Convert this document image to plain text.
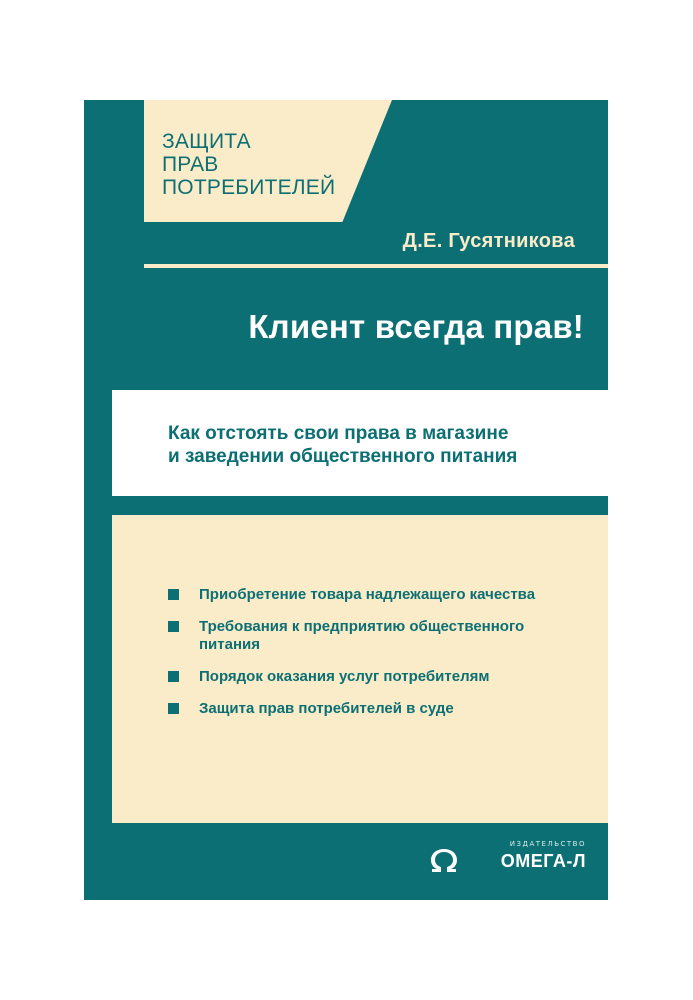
ЗАЩИТА
ПРАВ
ПОТРЕБИТЕЛЕЙ

Д.Е. Гусятникова

Клиент всегда прав!
Как отстоять свои права в магазине
и заведении общественного питания
Приобретение товара надлежащего качества
Требования к предприятию общественного питания
Порядок оказания услуг потребителям
Защита прав потребителей в суде
ИЗДАТЕЛЬСТВО
ОМЕГА-Л
